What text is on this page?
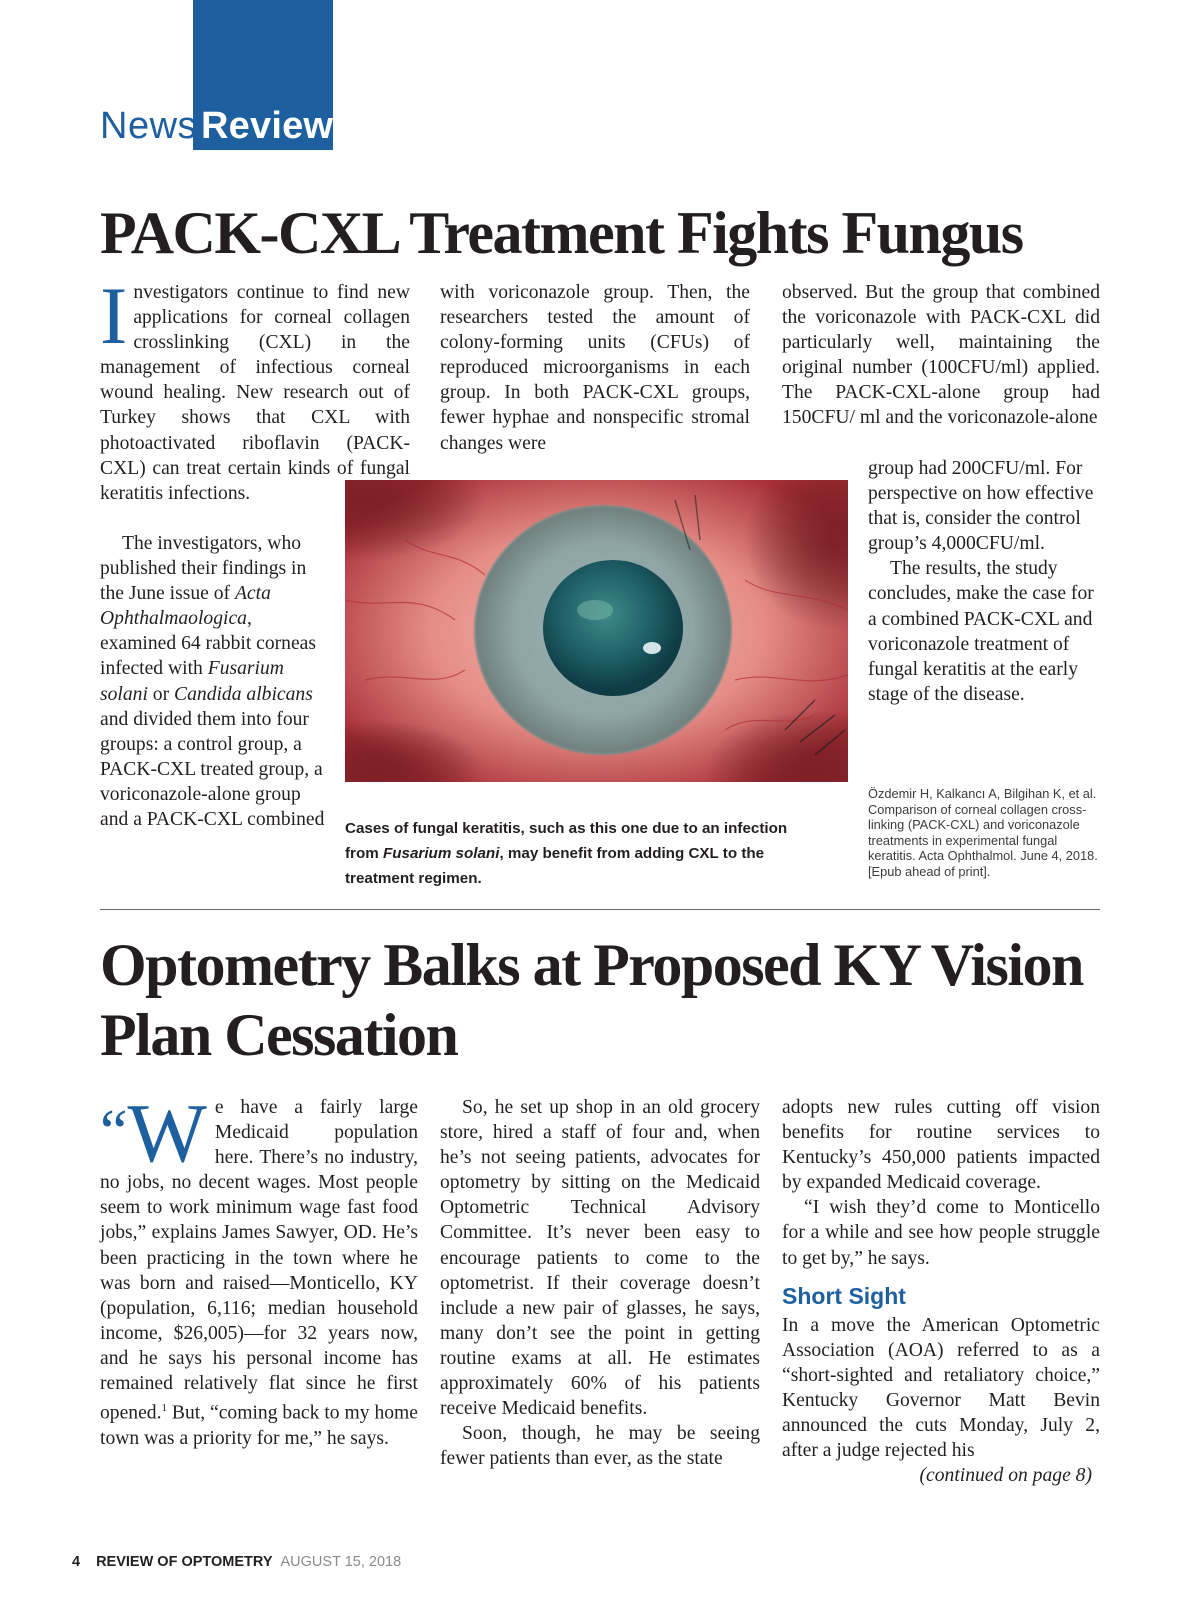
News Review
PACK-CXL Treatment Fights Fungus

Investigators continue to find new applications for corneal collagen crosslinking (CXL) in the management of infectious corneal wound healing. New research out of Turkey shows that CXL with photoactivated riboflavin (PACK-CXL) can treat certain kinds of fungal keratitis infections.

The investigators, who published their findings in the June issue of Acta Ophthalmaologica, examined 64 rabbit corneas infected with Fusarium solani or Candida albicans and divided them into four groups: a control group, a PACK-CXL treated group, a voriconazole-alone group and a PACK-CXL combined

with voriconazole group. Then, the researchers tested the amount of colony-forming units (CFUs) of reproduced microorganisms in each group. In both PACK-CXL groups, fewer hyphae and nonspecific stromal changes were

observed. But the group that combined the voriconazole with PACK-CXL did particularly well, maintaining the original number (100CFU/ml) applied. The PACK-CXL-alone group had 150CFU/ ml and the voriconazole-alone

group had 200CFU/ml. For perspective on how effective that is, consider the control group’s 4,000CFU/ml.

The results, the study concludes, make the case for a combined PACK-CXL and voriconazole treatment of fungal keratitis at the early stage of the disease.

Cases of fungal keratitis, such as this one due to an infection from Fusarium solani, may benefit from adding CXL to the treatment regimen.
Özdemir H, Kalkancı A, Bilgihan K, et al. Comparison of corneal collagen cross-linking (PACK-CXL) and voriconazole treatments in experimental fungal keratitis. Acta Ophthalmol. June 4, 2018. [Epub ahead of print].
Optometry Balks at Proposed KY Vision Plan Cessation

“W e have a fairly large Medicaid population here. There’s no industry, no jobs, no decent wages. Most people seem to work minimum wage fast food jobs,” explains James Sawyer, OD. He’s been practicing in the town where he was born and raised—Monticello, KY (population, 6,116; median household income, $26,005)—for 32 years now, and he says his personal income has remained relatively flat since he first opened.$^1$ But, “coming back to my home town was a priority for me,” he says.

So, he set up shop in an old grocery store, hired a staff of four and, when he’s not seeing patients, advocates for optometry by sitting on the Medicaid Optometric Technical Advisory Committee. It’s never been easy to encourage patients to come to the optometrist. If their coverage doesn’t include a new pair of glasses, he says, many don’t see the point in getting routine exams at all. He estimates approximately 60% of his patients receive Medicaid benefits.

Soon, though, he may be seeing fewer patients than ever, as the state

adopts new rules cutting off vision benefits for routine services to Kentucky’s 450,000 patients impacted by expanded Medicaid coverage.

“I wish they’d come to Monticello for a while and see how people struggle to get by,” he says.

Short Sight

In a move the American Optometric Association (AOA) referred to as a “short-sighted and retaliatory choice,” Kentucky Governor Matt Bevin announced the cuts Monday, July 2, after a judge rejected his

(continued on page 8)

4 REVIEW OF OPTOMETRY AUGUST 15, 2018
